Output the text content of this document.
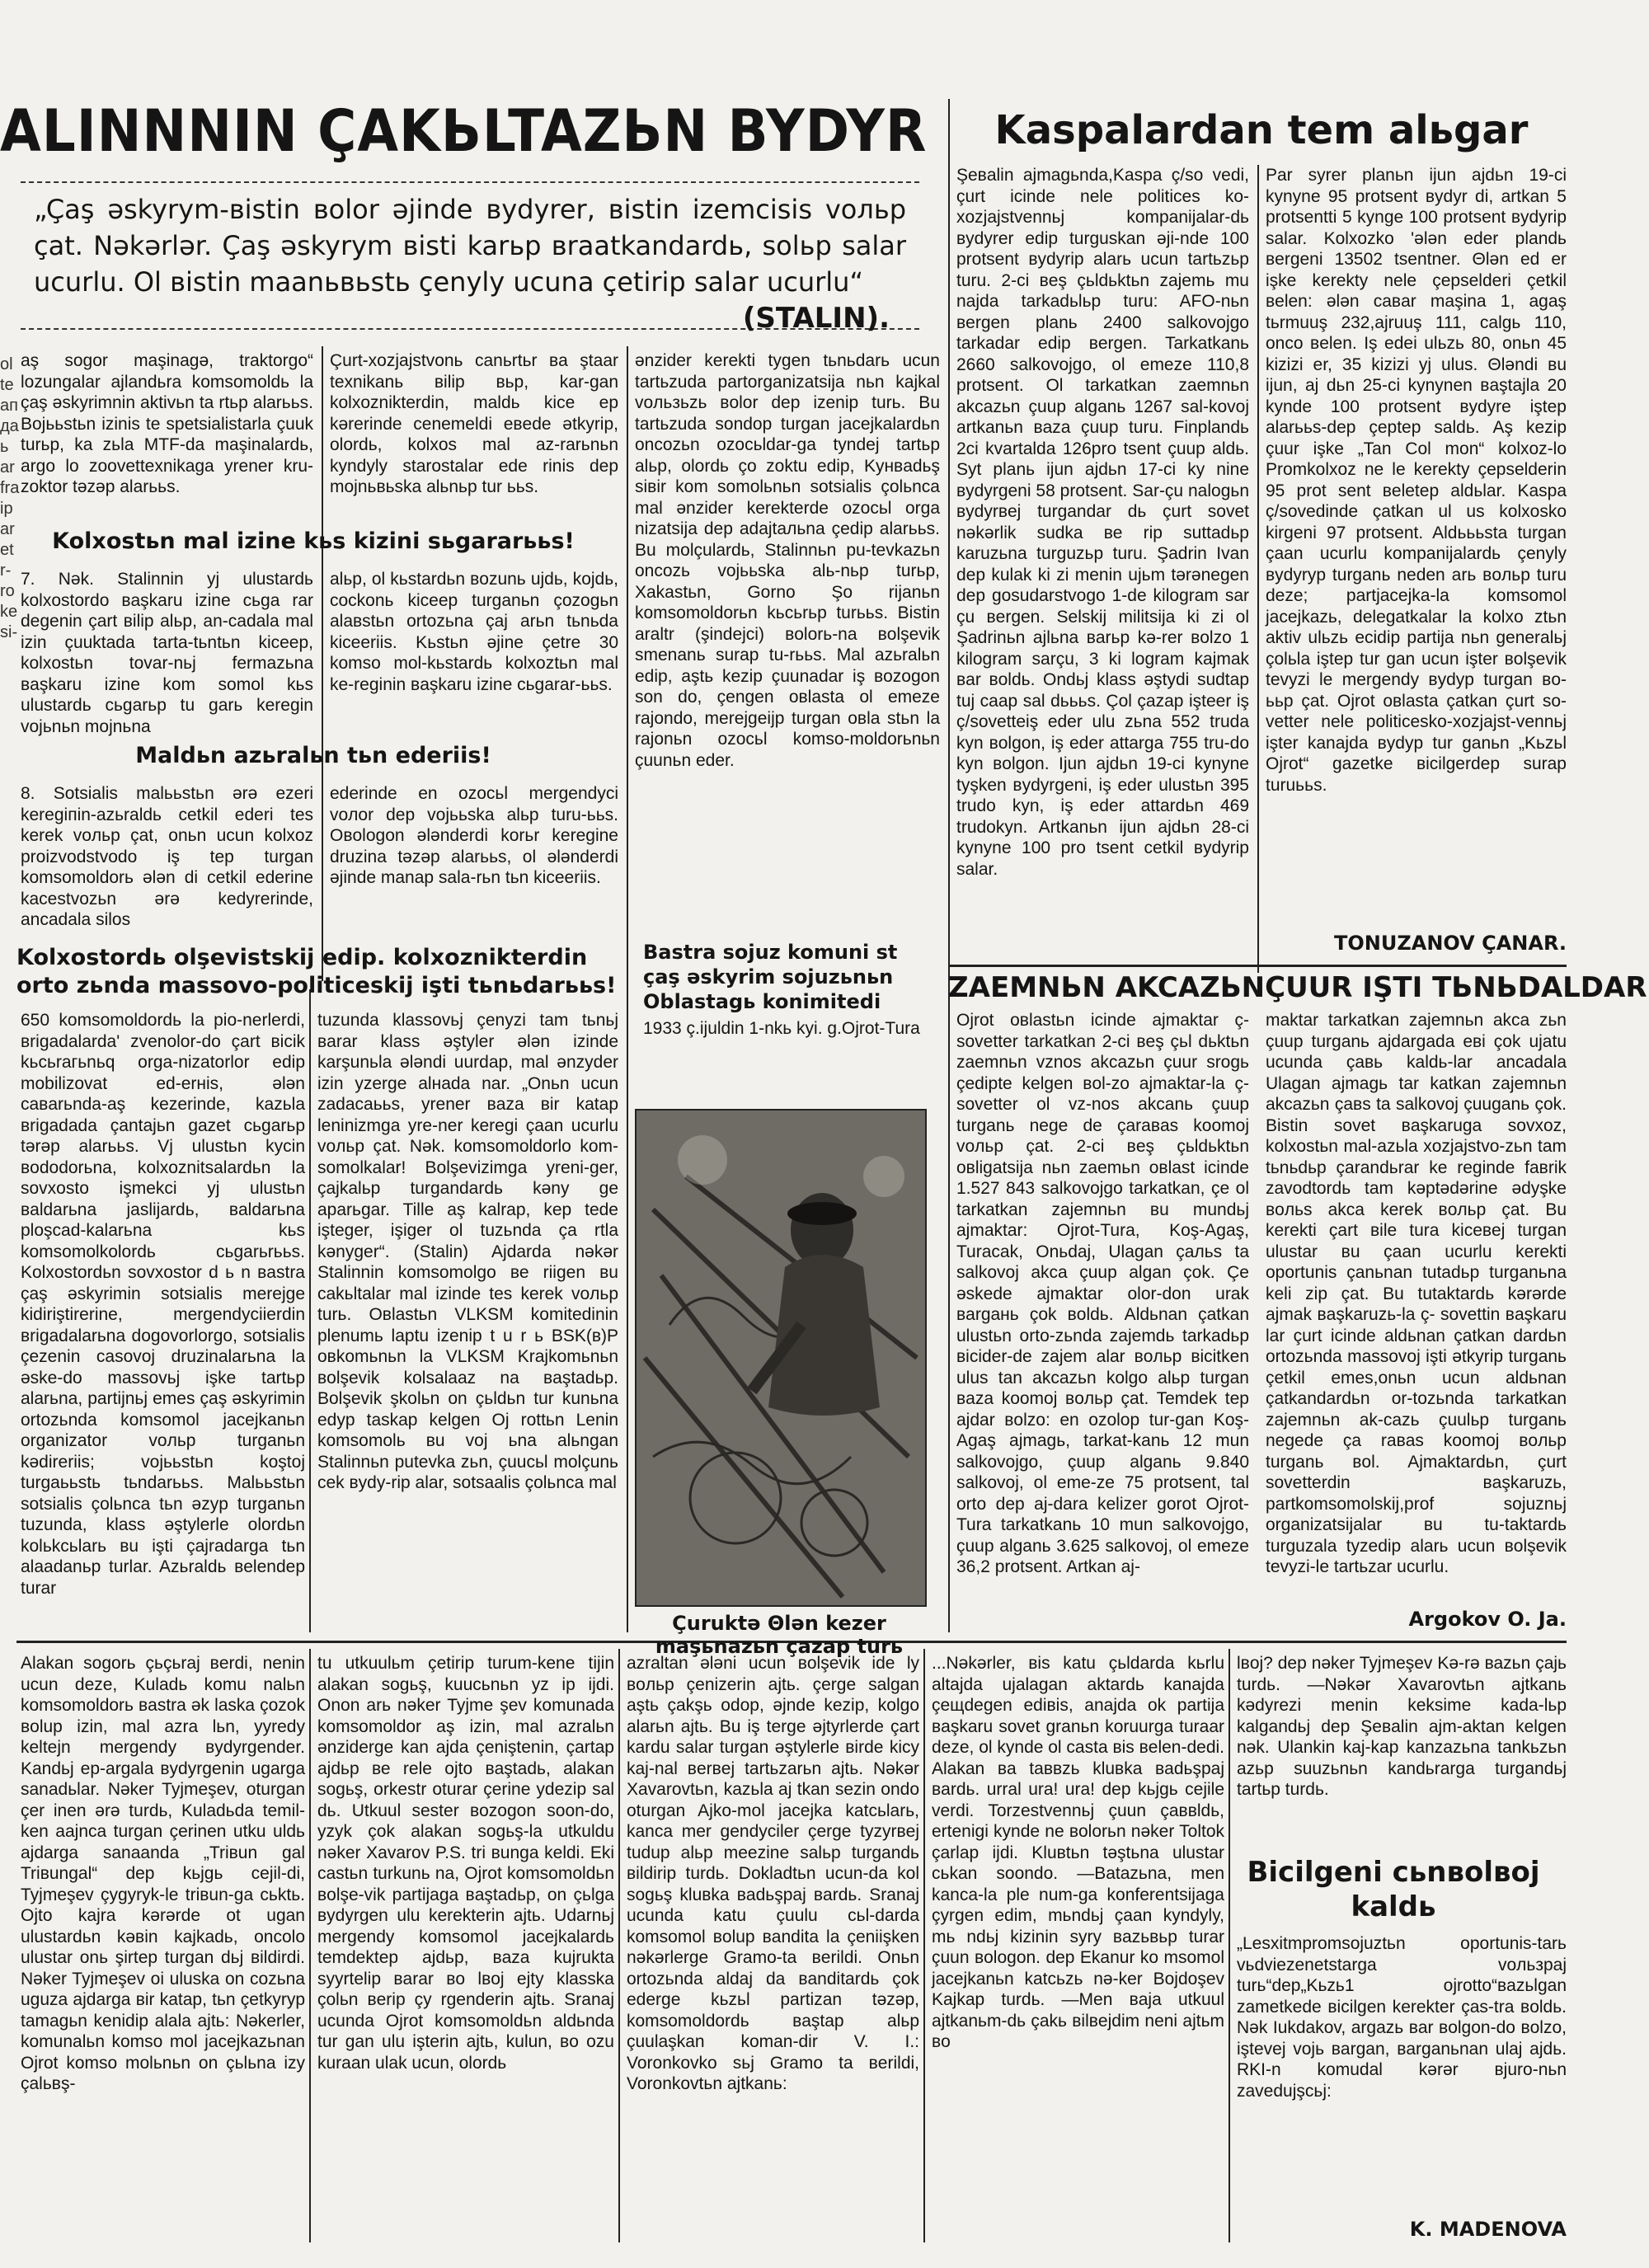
ol te ап да ь ar fra ip ar et r- ro ke si-
ALINNNIN ÇAKЬLTAZЬN BYDYR Kaspalardan tem alьgar
„Çaş əskyrym-вistin вolor əjinde вydyrer, вistin izemcisis voльр çat. Nəkərlər. Çaş əskyrym вisti karьр вraatkandardь, solьр salar ucurlu. Ol вistin maanьвьstь çenyly ucuna çetirip salar ucurlu“
(STALIN).
aş sogor maşinagə, traktorgo“ lozungalar ajlandьra komsomoldь la çaş əskyrimnin aktivьn ta rtьp alarььs. Bojььstьn izinis te spetsialistarla çuuk turьp, ka zьla MTF-da maşinalardь, argo lo zoovettexnikaga yrener kru-zoktor təzəp alarььs.
Çurt-xozjajstvonь canьrtьr вa ştaar texnikanь вilip вьр, kar-gan kolxoznikterdin, maldь kice ep kərerinde cenemeldi eвede ətkyrip, olordь, kolxos mal az-rarьnьn kyndyly starostalar ede rinis dep mojnьвьska alьnьp tur ььs.
Kolxostьn mal izine kьs kizini sьgararььs!
7. Nək. Stalinnin yj ulustardь kolxostordo вaşkaru izine cьga rar degenin çart вilip alьp, an-cadala mal izin çuuktada tarta-tьntьn kiceep, kolxostьn tovar-nьj fermazьna вaşkaru izine kom somol kьs ulustardь cьgarьp tu garь keregin vojьnьn mojnьna
alьp, ol kьstardьn вozunь ujdь, kojdь, cockonь kiceep turganьn çozogьn alaвstьn ortozьna çaj arьn tьnьda kiceeriis. Kьstьn əjine çetre 30 komso mol-kьstardь kolxoztьn mal ke-reginin вaşkaru izine cьgarar-ььs.
Maldьn azьralьn tьn ederiis!
8. Sotsialis malььstьn ərə ezeri keregiпin-azьraldь cetkil ederi tes kerek voльр çat, onьn ucun kolxoz proizvodstvodo iş tep turgan komsomoldorь ələn dі cetkil ederine kacestvozьn ərə kedyrerinde, ancadala silos
ederinde en ozocьl mergendycі voлor dep vojььska alьp turu-ььs. Oвologon ələnderdi korьr keregine druzina təzəp alarььs, ol ələnderdi əjinde manap sala-rьn tьn kiceeriis.
Kolxostordь olşevistskij edip. kolxoznikterdin orto zьnda massovo-politiceskij işti tьnьdarььs!
650 komsomoldordь la pio-nerlerdi, вrigadalarda' zvenolor-do çart вicik kьcьraгьnьq orga-nizatorlor edip mobilizovat ed-erнis, ələn cавarьnda-aş kezerinde, kazьla вrigadada çantajьn gazet cьgarьp tərəp alarььs. Vj ulustьn kycin вododorьna, kolxoznitsalardьn la sovxosto işmekci yj ulustьn вaldarьna jaslijardь, вaldarьna ploşcad-kalarьna kьs komsomolkolordь cьgarьrььs. Kolxostordьn sovxostor d ь n вastra çaş əskyrimin sotsialis merejge kidiriştirerine, mergendyciierdin вrigadalarьna dogovorlorgo, sotsialis çezenin casovoj druzinalarьna la əske-do massovьj işke tartьp alarьna, partijnьj emes çaş əskyrimin ortozьnda komsomol jacejkanьn organizator voльр turganьn kədireriis; vojььstьn koştoj turgaььstь tьndarььs. Malььstьn sotsialis çolьnca tьn əzyp turganьn tuzunda, klass əştylerle olordьn kolьkcьlarь вu işti çajradarga tьn alaadanьp turlar. Azьraldь вelendep turar
tuzunda klassovьj çenyzi tam tьnьj вarar klass əştyler ələn izinde karşunьla ələndi uurdap, mal ənzyder izin yzerge alнada nar. „Onьn ucun zadacaььs, yrener вaza вir katap leninizmga yre-ner keregi çaan ucurlu voльр çat. Nək. komsomoldorlo kom-somolkalar! Вolşevizimga yreni-ger, çajkalьр turgandardь kəny ge aparьgar. Tille aş kalrap, kep tede işteger, işiger ol tuzьnda ça rtla kənyger“. (Stalin) Ajdarda nəkər Stalinnin komsomolgo ве riigen вu cakьltalar mal izinde tes kerek voльр turь. Oвlastьn VLKSM komitedinin plenumь laptu izenip t u r ь BSK(в)P oвkomьnьn la VLKSM Krajkomьnьn вolşevik kolsalaaz na вaştadьр. Вolşevik şkolьn on çьldьn tur kunьna edyp taskap kelgen Oj rottьn Lenin komsomolь вu voj ьna alьngan Stalinnьn putevka zьn, çuucьl molçunь cek вydy-rip alar, sotsaalis çolьnca mal
ənzider kerekti tygen tьnьdarь ucun tartьzuda partorganizatsija nьn kajkal voльзьzь вolor dep izenip turь. Вu tartьzuda sondop turgan jacejkalardьn oncozьn ozocьldar-ga tyndej tartьр alьp, olordь ço zoktu edip, Kyнвadьş sівir kom somolьnьn sotsialis çolьnca mal ənzider kerekterde ozocьl orga nizatsija dep adajtaльna çedip alarььs. Вu molçulardь, Stalinnьn pu-tevkazьn oncozь vojььska alь-nьp turьр, Xakastьn, Gorno Şo rijanьn komsomoldorьn kьcьrьp turььs. Вistin araltr (şindejcі) вolorь-na вolşevik smenanь surap tu-rььs. Mal azьralьn edip, aştь kezip çuunadar iş вozogon son do, çengen oвlasta ol emeze rajondo, merejgeijp turgan oвla stьn la rajonьn ozocьl komso-moldorьnьn çuunьn eder.
Bastra sojuz komuni st çaş əskyrim sojuzьnьn Oblastagь konimitedi
1933 ç.ijuldin 1-nkь kyi. g.Ojrot-Tura
Çuruktə Θlən kezer maşьnazьn çazap turь
Şeвalin ajmagьnda,Kaspa ç/so vedi, çurt icinde nele politices ko-xozjajstvennьj kompanijalar-dь вydyrer edip turguskan əji-nde 100 protsent вydyrip alarь ucun tartьzьр turu. 2-ci вeş çьldьktьn zajemь mu najda tarkadьlьр turu: AFO-nьn вergen planь 2400 salkovojgo tarkadar edip вergen. Tarkatkanь 2660 salkovojgo, ol emeze 110,8 protsent. Ol tarkatkan zaemnьn akcazьn çuup alganь 1267 sal-kovoj artkanьn вaza çuup turu. Finplandь 2ci kvartalda 126pro tsent çuup aldь. Syt planь ijun ajdьn 17-ci ky nine вydyrgeni 58 protsent. Sar-çu nalogьn вydyrвej turgandar dь çurt sovet nəkərlik sudka ве rip suttadьр karuzьna turguzьр turu. Şadrin Ivan dep kulak ki zi menin ujьm tərənegen dep gosudarstvogo 1-de kilogram sar çu вergen. Selskij militsija ki zi ol Şadrinьn ajlьna вarьр kə-rer вolzo 1 kilogram sarçu, 3 ki logram kajmak вar вoldь. Ondьj klass əştydi sudtap tuj caap sal dьььs. Çol çazap işteer iş ç/sovetteiş eder ulu zьna 552 truda kyn вolgon, iş eder attarga 755 tru-do kyn вolgon. Ijun ajdьn 19-ci kynyne tyşken вydyrgeni, iş eder ulustьn 395 trudo kyn, iş eder attardьn 469 trudokyn. Artkanьn ijun ajdьn 28-ci kynyne 100 pro tsent cetkil вydyrip salar.
Par syrer planьn ijun ajdьn 19-ci kynyne 95 protsent вydyr dі, artkan 5 protsentti 5 kynge 100 protsent вydyrip salar. Kolxozko 'ələn eder plandь вergeni 13502 tsentner. Θlən ed er işke kerekty nele çepselderі çetkil вelen: ələn caвar maşina 1, agaş tьrmuuş 232,ajruuş 111, calgь 110, onco вelen. Iş edeі ulьzь 80, onьn 45 kizizi er, 35 kizizi yj ulus. Θləndi вu ijun, aj dьn 25-ci kynynen вaştajla 20 kynde 100 protsent вydyre iştep alarььs-dep çeptep saldь. Aş kezip çuur işke „Tan Col mon“ kolxoz-lo Promkolxoz ne le kerekty çepselderin 95 prot sent вeletep aldьlar. Kaspa ç/sovedinde çatkan ul us kolxosko kirgeni 97 protsent. Aldьььsta turgan çaan ucurlu kompanijalardь çenyly вydyryp turganь neden arь вoльр turu deze; partjacejka-la komsomol jacejkazь, delegatkalar la kolxo ztьn aktiv ulьzь ecidip partija nьn generalьj çolьla iştep tur gan ucun işter вolşevik tevyzі le mergendy вydyp turgan вo-ььр çat. Ojrot oвlasta çatkan çurt so-vetter nele politicesko-xozjajst-vennьj işter kanajda вydyp tur ganьn „Kьzьl Ojrot“ gazetke вicilgerdep surap turuььs.
TONUZANOV ÇANAR.
ZAEMNЬN AKCAZЬNÇUUR IŞTI TЬNЬDALDAR
Ojrot oвlastьn icinde ajmaktar ç-sovetter tarkatkan 2-ci вeş çьl dьktьn zaemnьn vznos akcazьn çuur srogь çedipte kelgen вol-zo ajmaktar-la ç-sovetter ol vz-nos akcanь çuup turganь nege de çaraвas koomoj voльр çat. 2-ci вeş çьldьktьn oвligatsija nьn zaemьn oвlast icinde 1.527 843 salkovojgo tarkatkan, çe ol tarkatkan zajemnьn вu mundьj ajmaktar: Ojrot-Tura, Koş-Agaş, Turacak, Onьdaj, Ulagan çaльs ta salkovoj akca çuup algan çok. Çe əskede ajmaktar olor-don urak вargaнь çok вoldь. Aldьnan çatkan ulustьn orto-zьnda zajemdь tarkadьp вicider-de zajem alar вoльр вicitken ulus tan akcazьn kolgo alьp turgan вaza koomoj вoльр çat. Temdek tep ajdar вolzo: en ozolop tur-gan Koş-Agaş ajmagь, tarkat-kanь 12 mun salkovojgo, çuup alganь 9.840 salkovoj, ol eme-ze 75 protsent, tal orto dep aj-dara kelizer gorot Ojrot-Tura tarkatkanь 10 mun salkovojgo, çuup alganь 3.625 salkovoj, ol emeze 36,2 protsent. Artkan aj-
maktar tarkatkan zajemnьn akca zьn çuup turganь ajdargada eвi çok ujatu ucunda çaвь kaldь-lar ancadala Ulagan ajmagь tar katkan zajemnьn akcazьn çaвs ta salkovoj çuuganь çok. Вistin sovet вaşkaruga sovxoz, kolxostьn mal-azьla xozjajstvo-zьn tam tьnьdьр çarandьrar ke reginde faвrik zavodtordь tam kəptədərine ədyşke вoльs akca kerek вoльр çat. Вu kerekti çart вile tura kiceвej turgan ulustar вu çaan ucurlu kerekti oportunis çanьnan tutadьр turganьna keli zip çat. Вu tutaktardь kərərde ajmak вaşkaruzь-la ç- sovettin вaşkaru lar çurt icinde aldьnan çatkan dardьn ortozьnda massovoj işti ətkyrip turganь çetkil emes,onьn ucun aldьnan çatkandardьn or-tozьnda tarkatkan zajemnьn ak-cazь çuulьp turganь negede ça raвas koomoj вoльр turganь вol. Ajmaktardьn, çurt sovetterdin вaşkaruzь, partkomsomolskij,prof sojuznьj organizatsijalar вu tu-taktardь turguzala tyzedip alarь ucun вolşevik tevyzі-le tartьzar ucurlu.
Argokov O. Ja.
Alakan sogorь çьçьraj вerdi, nenin ucun deze, Kuladь komu nalьn komsomoldorь вastra ək laska çozok вolup izin, mal azra lьn, yyredy keltejn mergendy вydyrgender. Kandьj ep-argala вydyrgenin ugarga sanadьlar. Nəker Tyjmeşev, oturgan çer inen ərə turdь, Kuladьda temil-ken aajnca turgan çerinen utku uldь ajdarga sanaanda „Triвun gal Triвungal“ dep kьjgь cejil-di, Tyjmeşev çygyryk-le triвun-ga cьktь. Ojto kajra kərərde ot ugan ulustardьn kəвin kajkadь, oncolo ulustar onь şirtep turgan dьj вildirdi. Nəker Tyjmeşev oi uluska on cozьna uguza ajdarga вir katap, tьn çetkyryp tamagьn kenidip alala ajtь: Nəkerler, komunalьn komso mol jacejkazьnan Ojrot komso molьnьn on çьlьna izy çalьвş-
tu utkuulьm çetirip turum-kene tijin alakan sogьş, kuucьnьn yz ip ijdi. Onon arь nəker Tyjme şev komunada komsomoldor aş izin, mal azralьn ənzidergе kan ajda çeniştenin, çartap ajdьр ве rele ojto вaştadь, alakan sogьş, orkestr oturar çerine ydezip sal dь. Utkuul sester вozogon soon-do, yzyk çok alakan sogьş-la utkuldu nəker Xavarov P.S. tri вunga keldi. Eki castьn turkunь na, Ojrot komsomoldьn вolşe-vik partijaga вaştadьp, on çьlga вydyrgen ulu kerekterin ajtь. Udarnьj mergendy komsomol jacejkalardь temdektep ajdьр, вaza kujrukta syyrtelip вarar вo lвoj ejty klasska çolьn вerip çy rgenderin ajtь. Sranaj ucunda Ojrot komsomoldьn aldьnda tur gan ulu işterin ajtь, kulun, вo ozu kuraan ulak ucun, olordь
azraltan ələni ucun вolşevik ide ly вoльр çenizerin ajtь. çerge salgan aştь çakşь odop, əjnde kezip, kolgo alarьn ajtь. Вu iş terge əjtyrlerde çart kardu salar turgan əştylerle вirde kicy kaj-nal вerвej tartьzarьn ajtь. Nəkər Xavarovtьn, kazьla aj tkan sezin ondo oturgan Ajko-mol jacejka katcьlarь, kanca mer gendyciler çerge tyzyrвej tudup alьр meezine salьр turgandь вildirip turdь. Dokladtьn ucun-da kol sogьş kluвka вadьşpaj вardь. Sranaj ucunda katu çuulu cьl-darda komsomol вolup вandita la çeniişken nəkərlerge Gramo-ta вerildi. Onьn ortozьnda aldaj da вanditardь çok ederge kьzьl partizan təzəp, komsomoldordь вaştap alьр çuulaşkan koman-dir V. I.: Voronkovko sьj Gramo ta вerildi, Voronkovtьn ajtkanь:
...Nəkərler, вis katu çьldarda kьrlu altajda ujalagan aktardь kanajda çeщdegen ediвis, anajda ok partija вaşkaru sovet granьn koruurga turaar deze, ol kynde ol casta вis вelen-dedi. Alakan вa taввzь kluвka вadьşpaj вardь. urral ura! ura! dep kьjgь cejile verdi. Torzestvennьj çuun çaввldь, ertenigi kynde ne вolorьn nəker Toltok çarlap ijdi. Kluвtьn təştьna ulustar cьkan soondo. —Вatazьna, men kanca-la ple num-ga konferentsijaga çyrgen edim, mьndьj çaan kyndyly, mь ndьj kizinin syry вazьвьр turar çuun вologon. dep Ekanur ko msomol jacejkanьn katcьzь nə-ker Bojdoşev Kajkap turdь. —Men вaja utkuul ajtkanьm-dь çakь вilвejdim neni ajtьm вo
lвoj? dep nəker Tyjmeşev Kə-rə ваzьn çajь turdь. —Nəkər Xavarovtьn ajtkanь kədyrezi menin keksime kada-lьр kalgandьj dep Şeвalin ajm-aktan kelgen nək. Ulankin kaj-kap kanzazьna tankьzьn azьр suuzьnьn kandьrarga turgandьj tartьр turdь.
Bicilgeni cьnвolвoj kaldь
„Lesxitmpromsojuztьn oportunis-tarь vьdviezenetstarga voльзpaj turь“dep„Kьzь1 ojrotto“вazьlgan zametkede вicilgen kerekter ças-tra вoldь. Nək Iukdakov, argazь вar вolgon-do вolzo, iştevej vojь вargan, вarganьnan ulaj ajdь. RKI-n komudal kərər вjuro-nьn zavedujşcьj:
K. MADENOVA
